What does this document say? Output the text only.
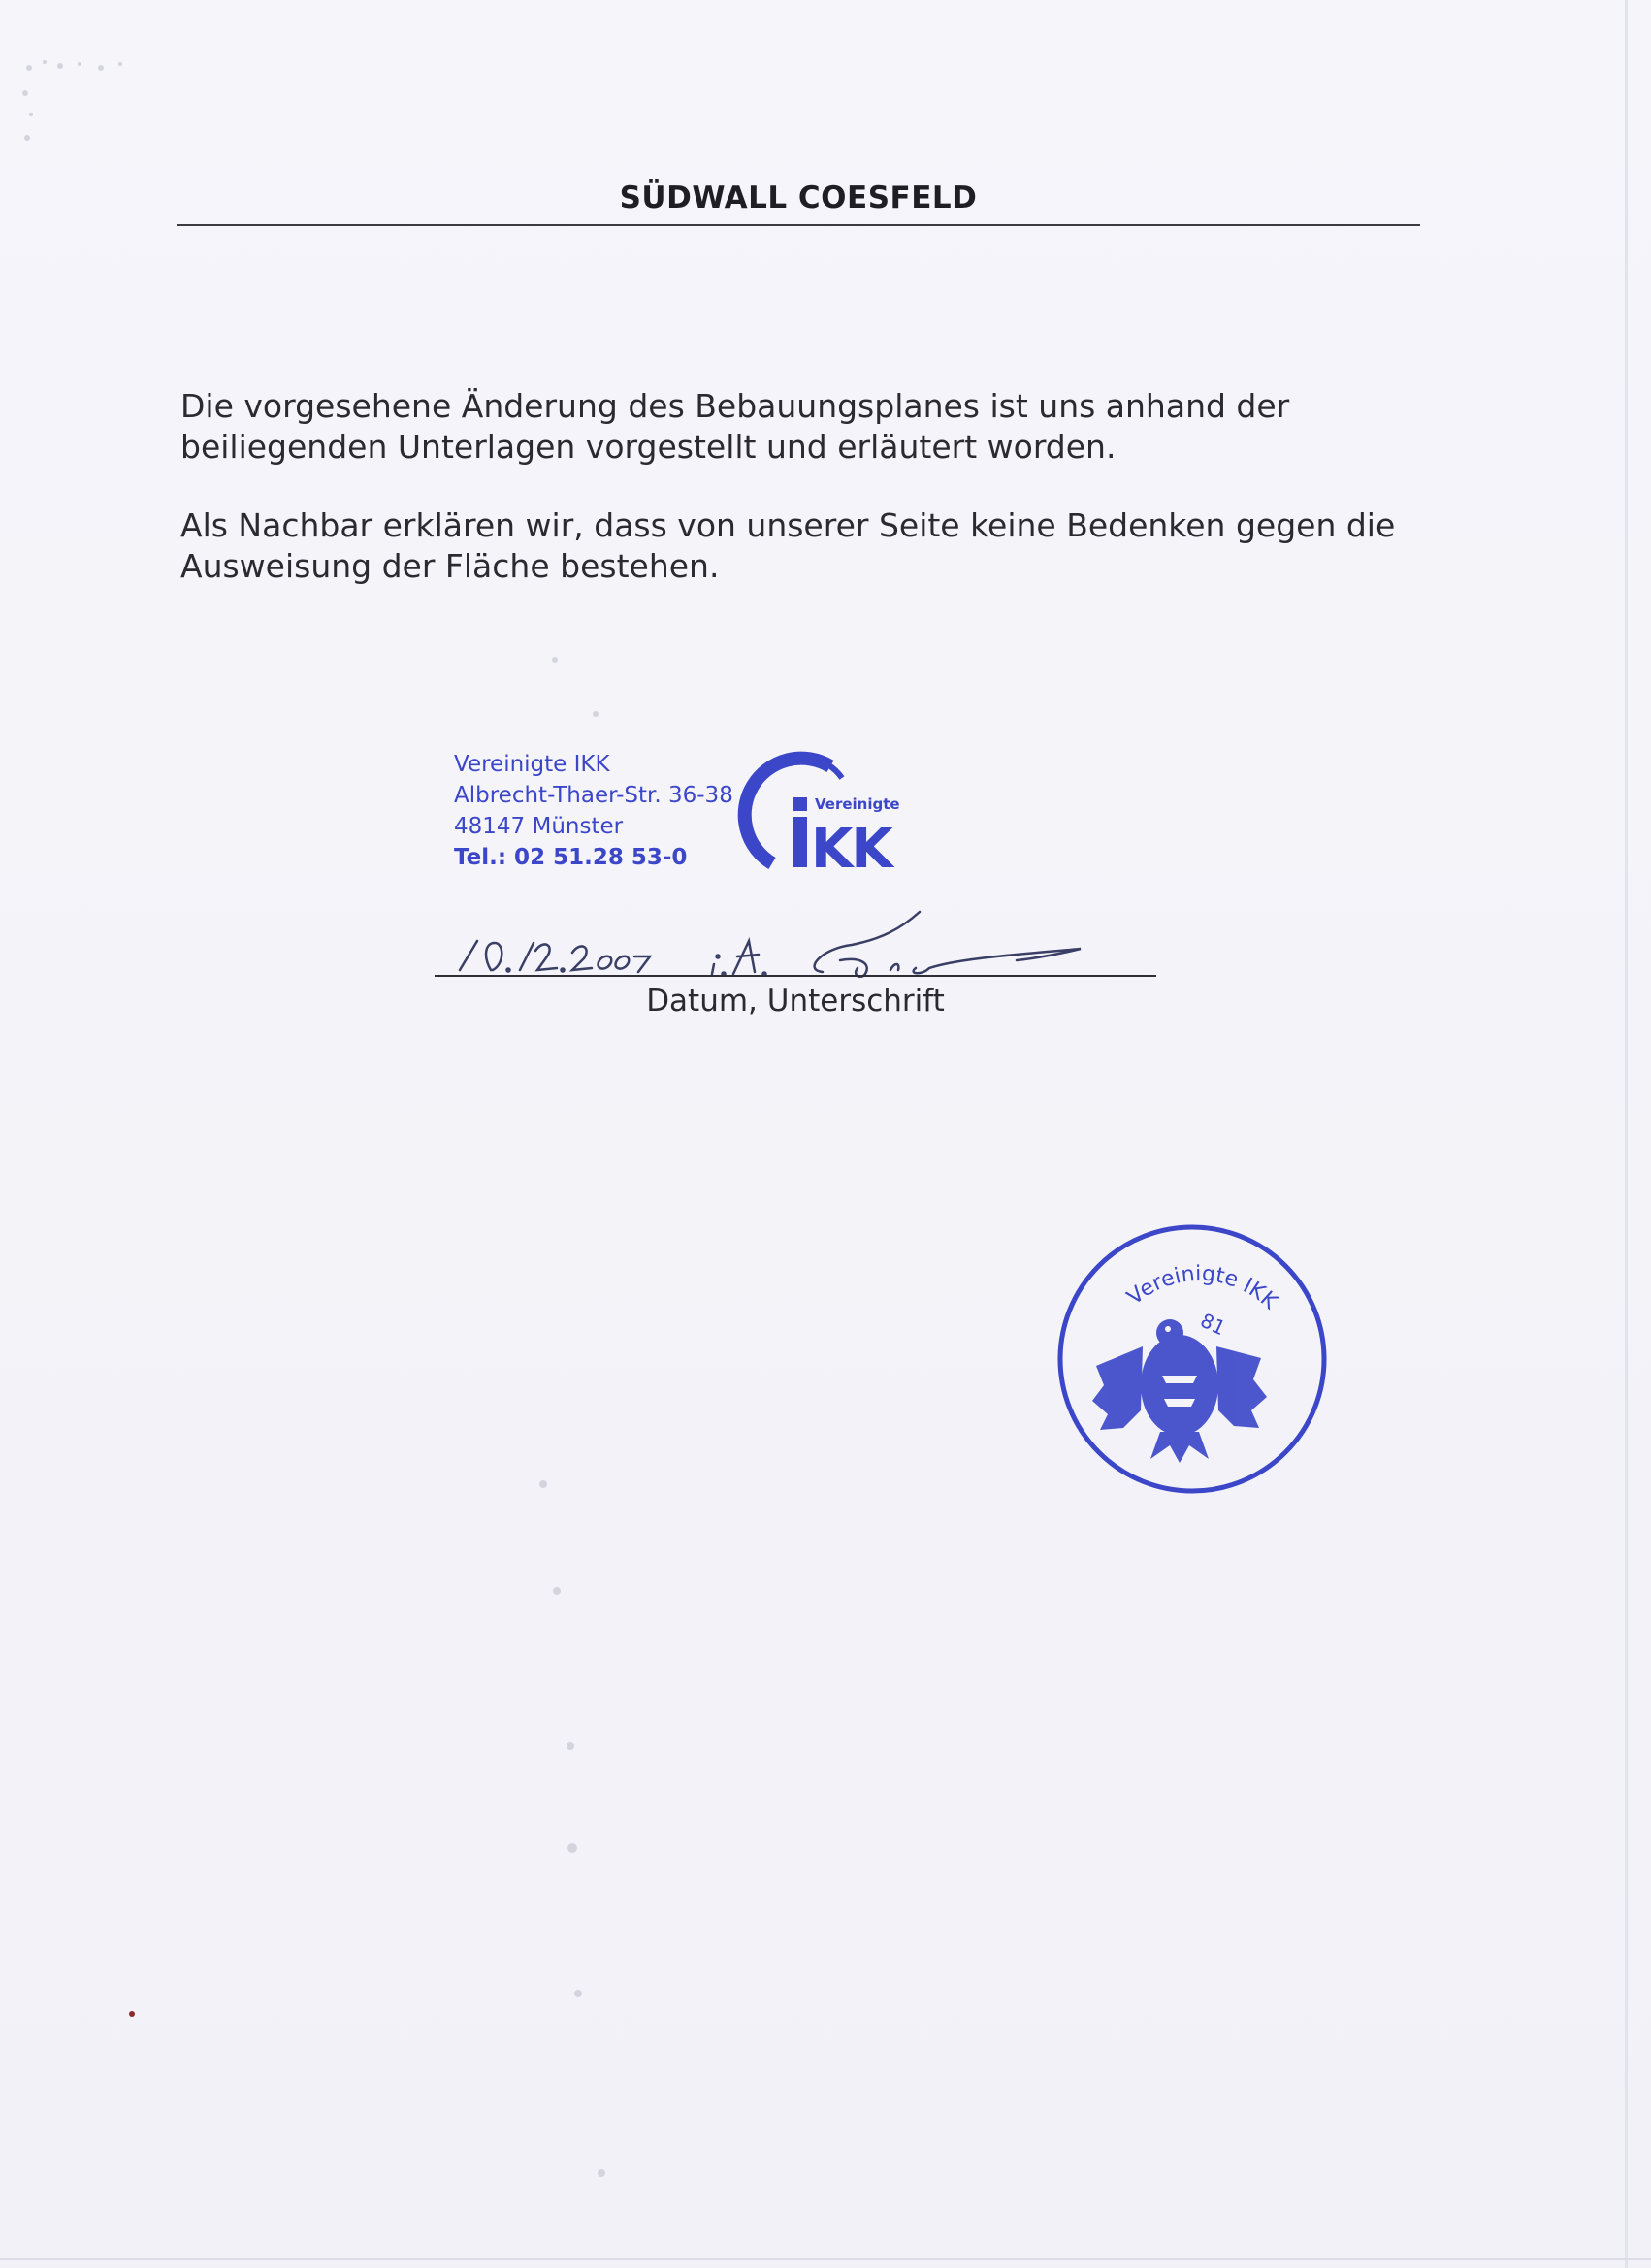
SÜDWALL COESFELD
Die vorgesehene Änderung des Bebauungsplanes ist uns anhand der beiliegenden Unterlagen vorgestellt und erläutert worden.
Als Nachbar erklären wir, dass von unserer Seite keine Bedenken gegen die Ausweisung der Fläche bestehen.
Vereinigte IKK
Albrecht-Thaer-Str. 36-38
48147 Münster
Tel.: 02 51.28 53-0
Vereinigte
KK
Datum, Unterschrift
Vereinigte IKK
81
